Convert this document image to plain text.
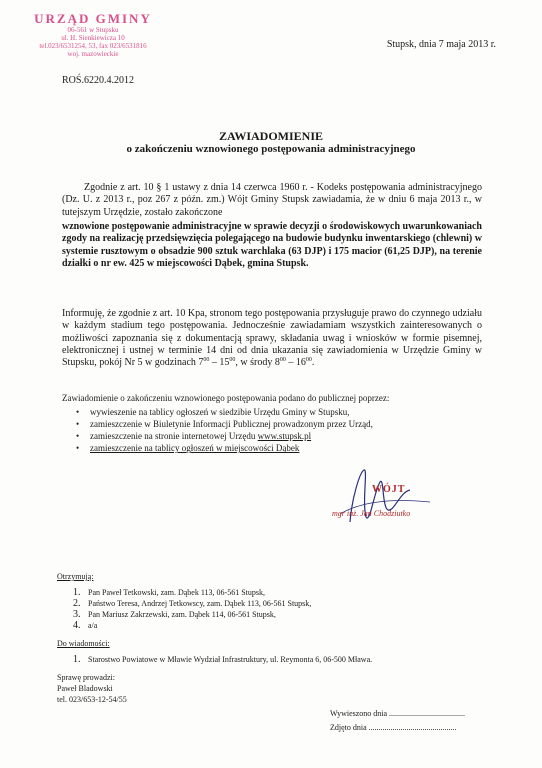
URZĄD GMINY
06-561 w Stupsku
ul. H. Sienkiewicza 10
tel.023/6531254, 53, fax 023/6531816
woj. mazowieckie
Stupsk, dnia 7 maja 2013 r.
ROŚ.6220.4.2012
ZAWIADOMIENIE
o zakończeniu wznowionego postępowania administracyjnego
Zgodnie z art. 10 § 1 ustawy z dnia 14 czerwca 1960 r. - Kodeks postępowania administracyjnego (Dz. U. z 2013 r., poz 267 z późn. zm.) Wójt Gminy Stupsk zawiadamia, że w dniu 6 maja 2013 r., w tutejszym Urzędzie, zostało zakończone
wznowione postępowanie administracyjne w sprawie decyzji o środowiskowych uwarunkowaniach zgody na realizację przedsięwzięcia polegającego na budowie budynku inwentarskiego (chlewni) w systemie rusztowym o obsadzie 900 sztuk warchlaka (63 DJP) i 175 macior (61,25 DJP), na terenie działki o nr ew. 425 w miejscowości Dąbek, gmina Stupsk.
Informuję, że zgodnie z art. 10 Kpa, stronom tego postępowania przysługuje prawo do czynnego udziału w każdym stadium tego postępowania. Jednocześnie zawiadamiam wszystkich zainteresowanych o możliwości zapoznania się z dokumentacją sprawy, składania uwag i wniosków w formie pisemnej, elektronicznej i ustnej w terminie 14 dni od dnia ukazania się zawiadomienia w Urzędzie Gminy w Stupsku, pokój Nr 5 w godzinach $7^{00} - 15^{00}$, w środy $8^{00} - 16^{00}$.
Zawiadomienie o zakończeniu wznowionego postępowania podano do publicznej poprzez:
• wywieszenie na tablicy ogłoszeń w siedzibie Urzędu Gminy w Stupsku,
• zamieszczenie w Biuletynie Informacji Publicznej prowadzonym przez Urząd,
• zamieszczenie na stronie internetowej Urzędu www.stupsk.pl
• zamieszczenie na tablicy ogłoszeń w miejscowości Dąbek
WÓJT
mgr inż. Jan Chodziutko
Otrzymują:
1. Pan Paweł Tetkowski, zam. Dąbek 113, 06-561 Stupsk,
2. Państwo Teresa, Andrzej Tetkowscy, zam. Dąbek 113, 06-561 Stupsk,
3. Pan Mariusz Zakrzewski, zam. Dąbek 114, 06-561 Stupsk,
4. a/a
Do wiadomości:
1. Starostwo Powiatowe w Mławie Wydział Infrastruktury, ul. Reymonta 6, 06-500 Mława.
Sprawę prowadzi:
Paweł Bladowski
tel. 023/653-12-54/55
Wywieszono dnia ......................................
Zdjęto dnia ............................................
